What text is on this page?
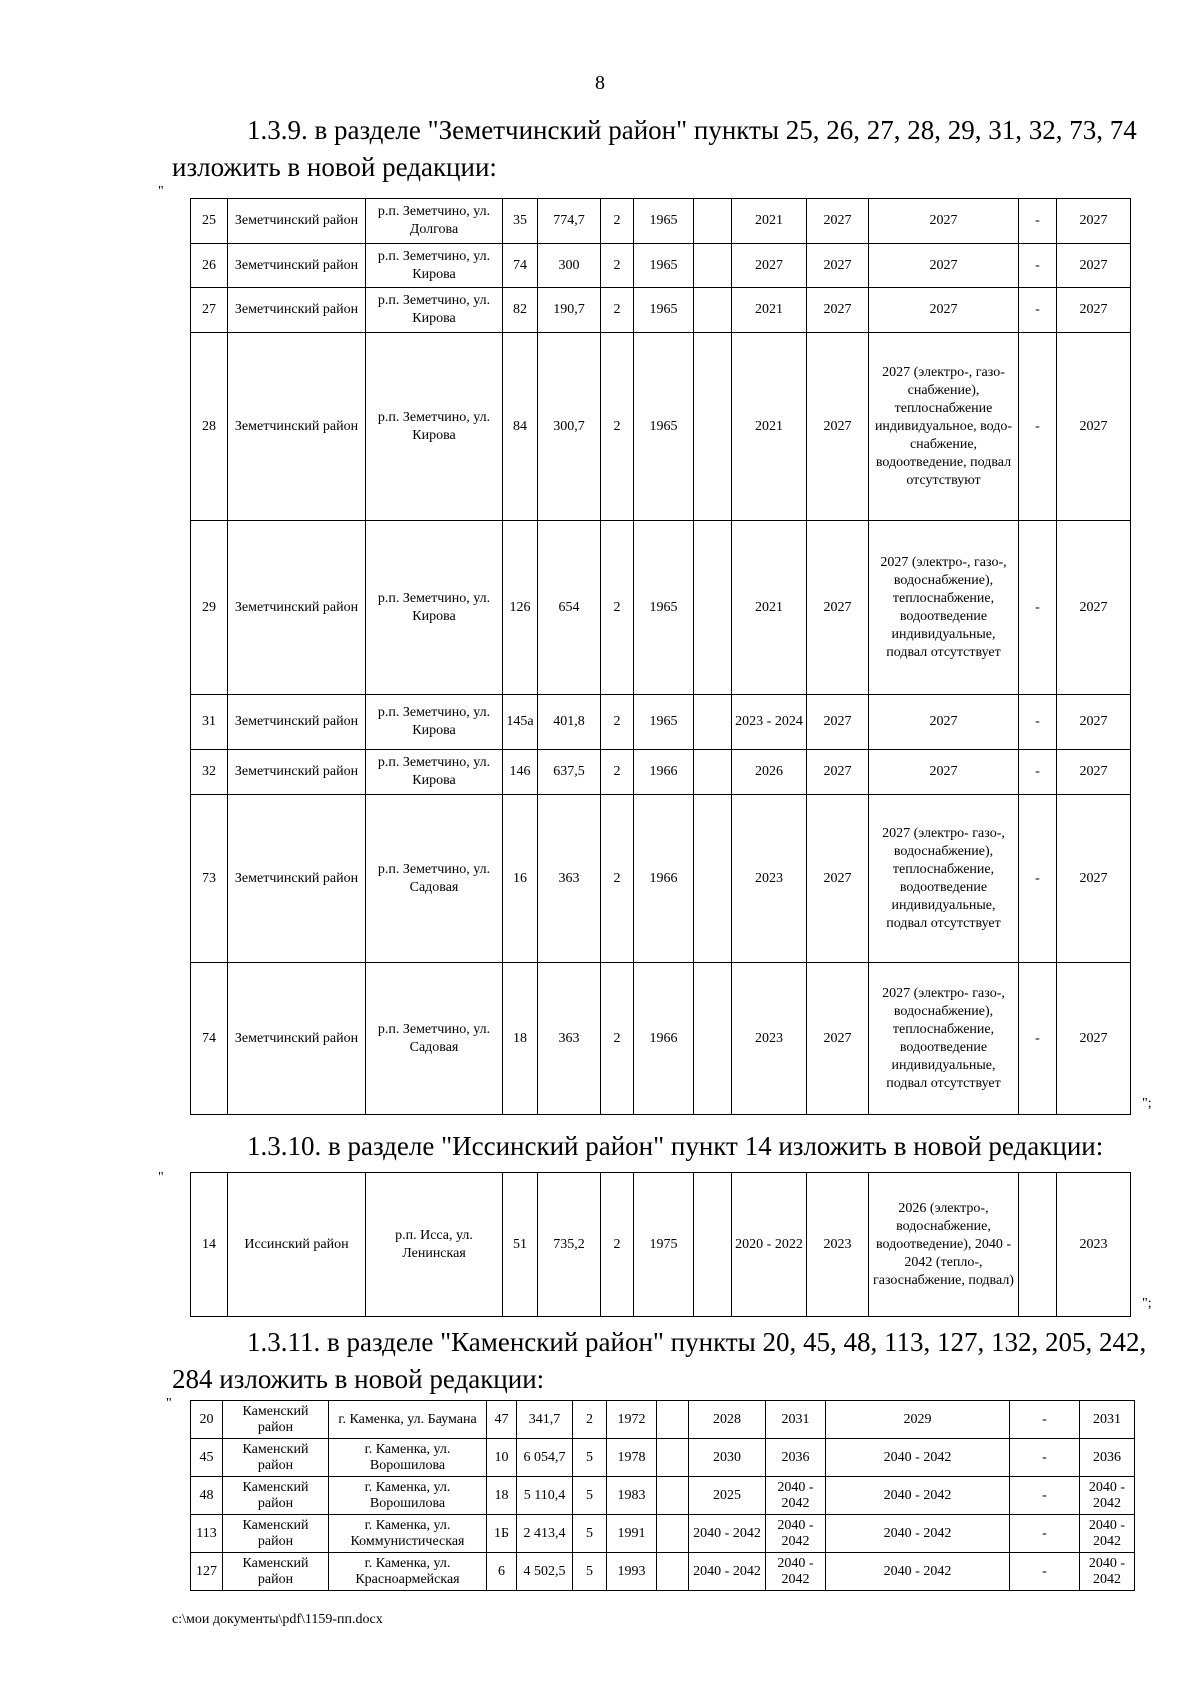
8

1.3.9. в разделе "Земетчинский район" пункты 25, 26, 27, 28, 29, 31, 32, 73, 74 изложить в новой редакции:

"
25	Земетчинский район	р.п. Земетчино, ул. Долгова	35	774,7	2	1965		2021	2027	2027	-	2027
26	Земетчинский район	р.п. Земетчино, ул. Кирова	74	300	2	1965		2027	2027	2027	-	2027
27	Земетчинский район	р.п. Земетчино, ул. Кирова	82	190,7	2	1965		2021	2027	2027	-	2027
28	Земетчинский район	р.п. Земетчино, ул. Кирова	84	300,7	2	1965		2021	2027	2027 (электро-, газо-снабжение), теплоснабжение индивидуальное, водо-снабжение, водоотведение, подвал отсутствуют	-	2027
29	Земетчинский район	р.п. Земетчино, ул. Кирова	126	654	2	1965		2021	2027	2027 (электро-, газо-, водоснабжение), теплоснабжение, водоотведение индивидуальные, подвал отсутствует	-	2027
31	Земетчинский район	р.п. Земетчино, ул. Кирова	145а	401,8	2	1965		2023 - 2024	2027	2027	-	2027
32	Земетчинский район	р.п. Земетчино, ул. Кирова	146	637,5	2	1966		2026	2027	2027	-	2027
73	Земетчинский район	р.п. Земетчино, ул. Садовая	16	363	2	1966		2023	2027	2027 (электро- газо-, водоснабжение), теплоснабжение, водоотведение индивидуальные, подвал отсутствует	-	2027
74	Земетчинский район	р.п. Земетчино, ул. Садовая	18	363	2	1966		2023	2027	2027 (электро- газо-, водоснабжение), теплоснабжение, водоотведение индивидуальные, подвал отсутствует	-	2027
";

1.3.10. в разделе "Иссинский район" пункт 14 изложить в новой редакции:

"
14	Иссинский район	р.п. Исса, ул. Ленинская	51	735,2	2	1975		2020 - 2022	2023	2026 (электро-, водоснабжение, водоотведение), 2040 - 2042 (тепло-, газоснабжение, подвал)		2023
";

1.3.11. в разделе "Каменский район" пункты 20, 45, 48, 113, 127, 132, 205, 242, 284 изложить в новой редакции:

"
20	Каменский район	г. Каменка, ул. Баумана	47	341,7	2	1972		2028	2031	2029	-	2031
45	Каменский район	г. Каменка, ул. Ворошилова	10	6 054,7	5	1978		2030	2036	2040 - 2042	-	2036
48	Каменский район	г. Каменка, ул. Ворошилова	18	5 110,4	5	1983		2025	2040 - 2042	2040 - 2042	-	2040 - 2042
113	Каменский район	г. Каменка, ул. Коммунистическая	1Б	2 413,4	5	1991		2040 - 2042	2040 - 2042	2040 - 2042	-	2040 - 2042
127	Каменский район	г. Каменка, ул. Красноармейская	6	4 502,5	5	1993		2040 - 2042	2040 - 2042	2040 - 2042	-	2040 - 2042
c:\мои документы\pdf\1159-пп.docx
